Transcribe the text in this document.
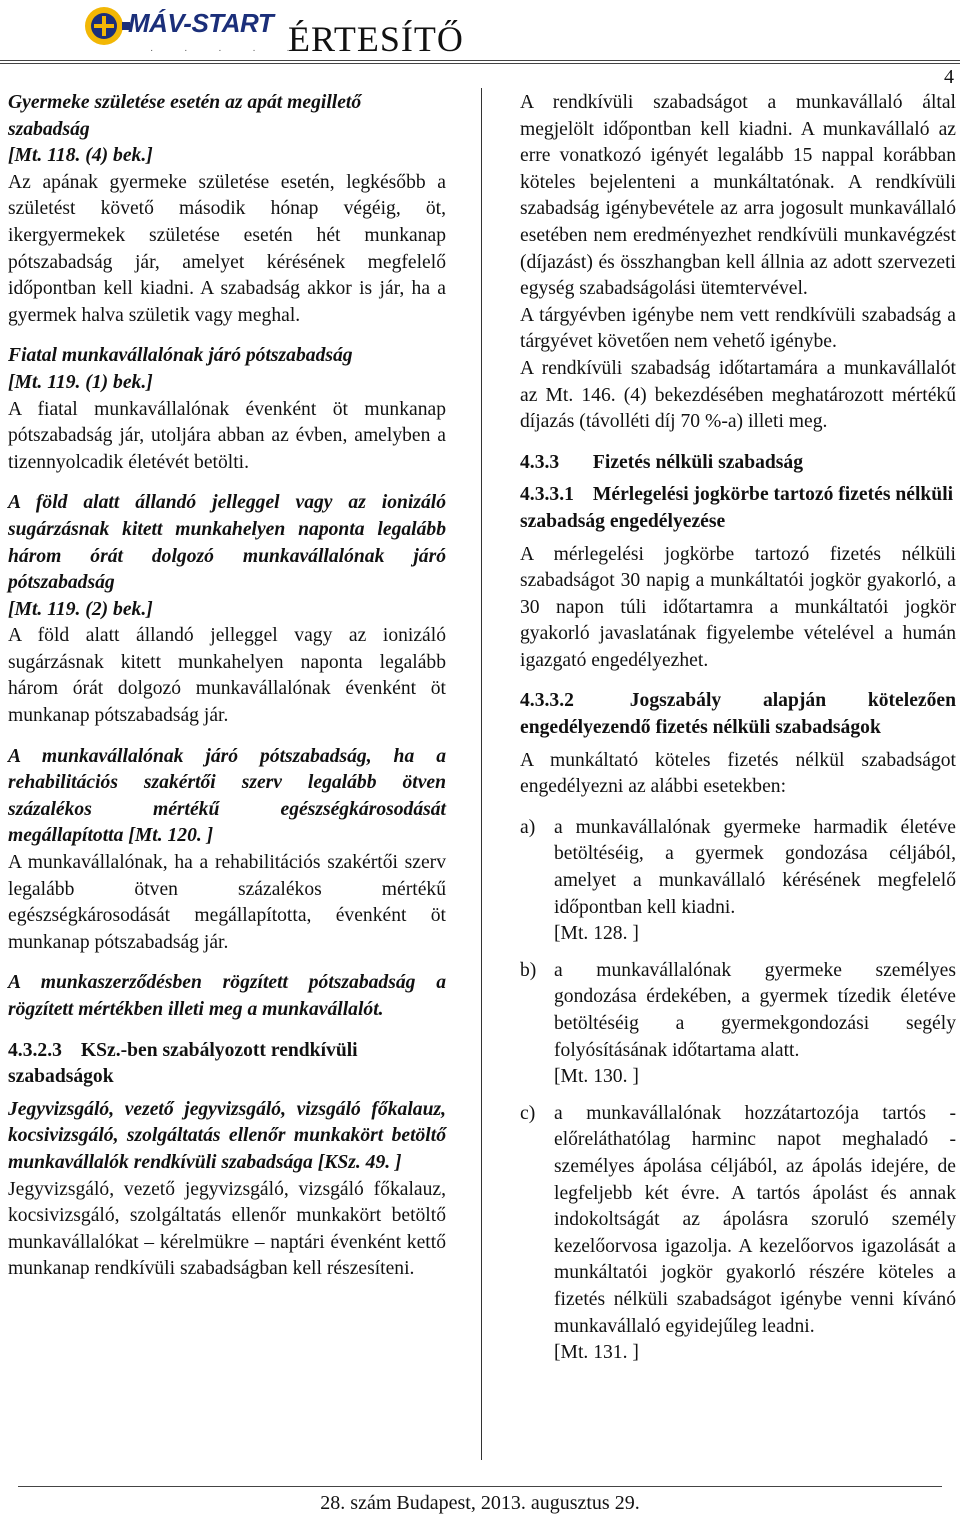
MÁV-START
· · · · ·
ÉRTESÍTŐ
4
Gyermeke születése esetén az apát megillető szabadság
[Mt. 118. (4) bek.]

Az apának gyermeke születése esetén, legkésőbb a születést követő második hónap végéig, öt, ikergyermekek születése esetén hét munkanap pótszabadság jár, amelyet kérésének megfelelő időpontban kell kiadni. A szabadság akkor is jár, ha a gyermek halva születik vagy meghal.

Fiatal munkavállalónak járó pótszabadság
[Mt. 119. (1) bek.]

A fiatal munkavállalónak évenként öt munkanap pótszabadság jár, utoljára abban az évben, amelyben a tizennyolcadik életévét betölti.

A föld alatt állandó jelleggel vagy az ionizáló sugárzásnak kitett munkahelyen naponta legalább három órát dolgozó munkavállalónak járó pótszabadság
[Mt. 119. (2) bek.]

A föld alatt állandó jelleggel vagy az ionizáló sugárzásnak kitett munkahelyen naponta legalább három órát dolgozó munkavállalónak évenként öt munkanap pótszabadság jár.

A munkavállalónak járó pótszabadság, ha a rehabilitációs szakértői szerv legalább ötven százalékos mértékű egészségkárosodását megállapította [Mt. 120. ]

A munkavállalónak, ha a rehabilitációs szakértői szerv legalább ötven százalékos mértékű egészségkárosodását megállapította, évenként öt munkanap pótszabadság jár.

A munkaszerződésben rögzített pótszabadság a rögzített mértékben illeti meg a munkavállalót.

4.3.2.3 KSz.-ben szabályozott rendkívüli szabadságok
Jegyvizsgáló, vezető jegyvizsgáló, vizsgáló főkalauz, kocsivizsgáló, szolgáltatás ellenőr munkakört betöltő munkavállalók rendkívüli szabadsága [KSz. 49. ]

Jegyvizsgáló, vezető jegyvizsgáló, vizsgáló főkalauz, kocsivizsgáló, szolgáltatás ellenőr munkakört betöltő munkavállalókat – kérelmükre – naptári évenként kettő munkanap rendkívüli szabadságban kell részesíteni.

A rendkívüli szabadságot a munkavállaló által megjelölt időpontban kell kiadni. A munkavállaló az erre vonatkozó igényét legalább 15 nappal korábban köteles bejelenteni a munkáltatónak. A rendkívüli szabadság igénybevétele az arra jogosult munkavállaló esetében nem eredményezhet rendkívüli munkavégzést (díjazást) és összhangban kell állnia az adott szervezeti egység szabadságolási ütemtervével.

A tárgyévben igénybe nem vett rendkívüli szabadság a tárgyévet követően nem vehető igénybe.

A rendkívüli szabadság időtartamára a munkavállalót az Mt. 146. (4) bekezdésében meghatározott mértékű díjazás (távolléti díj 70 %-a) illeti meg.

4.3.3 Fizetés nélküli szabadság
4.3.3.1 Mérlegelési jogkörbe tartozó fizetés nélküli szabadság engedélyezése

A mérlegelési jogkörbe tartozó fizetés nélküli szabadságot 30 napig a munkáltatói jogkör gyakorló, a 30 napon túli időtartamra a munkáltatói jogkör gyakorló javaslatának figyelembe vételével a humán igazgató engedélyezhet.

4.3.3.2	Jogszabály alapján kötelezően engedélyezendő fizetés nélküli szabadságok

A munkáltató köteles fizetés nélkül szabadságot engedélyezni az alábbi esetekben:

a) a munkavállalónak gyermeke harmadik életéve betöltéséig, a gyermek gondozása céljából, amelyet a munkavállaló kérésének megfelelő időpontban kell kiadni.
[Mt. 128. ]
b) a munkavállalónak gyermeke személyes gondozása érdekében, a gyermek tízedik életéve betöltéséig a gyermekgondozási segély folyósításának időtartama alatt.
[Mt. 130. ]
c) a munkavállalónak hozzátartozója tartós - előreláthatólag harminc napot meghaladó - személyes ápolása céljából, az ápolás idejére, de legfeljebb két évre. A tartós ápolást és annak indokoltságát az ápolásra szoruló személy kezelőorvosa igazolja. A kezelőorvos igazolását a munkáltatói jogkör gyakorló részére köteles a fizetés nélküli szabadságot igénybe venni kívánó munkavállaló egyidejűleg leadni.
[Mt. 131. ]
28. szám Budapest, 2013. augusztus 29.
